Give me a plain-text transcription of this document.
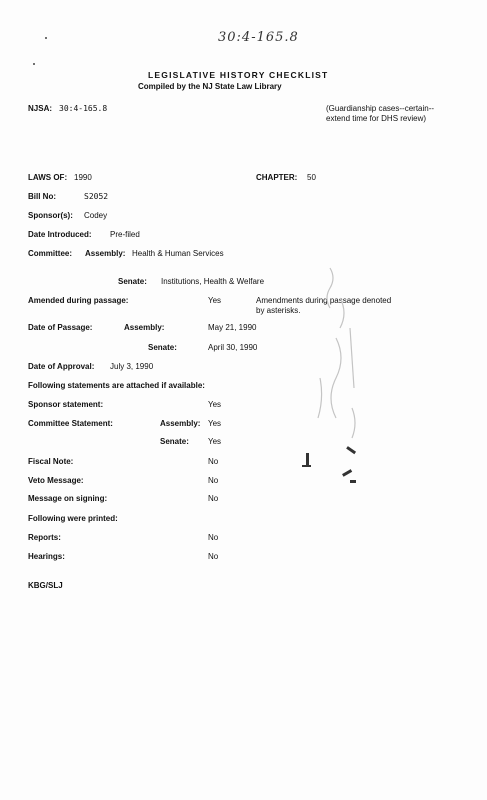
30:4-165.8
LEGISLATIVE HISTORY CHECKLIST
Compiled by the NJ State Law Library
NJSA: 30:4-165.8	(Guardianship cases--certain--extend time for DHS review)
LAWS OF: 1990	CHAPTER: 50
Bill No:	S2052
Sponsor(s): Codey
Date Introduced: Pre-filed
Committee: Assembly: Health & Human Services
Senate: Institutions, Health & Welfare
Amended during passage:	Yes	Amendments during passage denoted by asterisks.
Date of Passage:	Assembly:	May 21, 1990
Senate:	April 30, 1990
Date of Approval: July 3, 1990
Following statements are attached if available:
Sponsor statement:	Yes
Committee Statement:	Assembly: Yes
Senate: Yes
Fiscal Note:	No
Veto Message:	No
Message on signing:	No
Following were printed:
Reports:	No
Hearings:	No
KBG/SLJ
